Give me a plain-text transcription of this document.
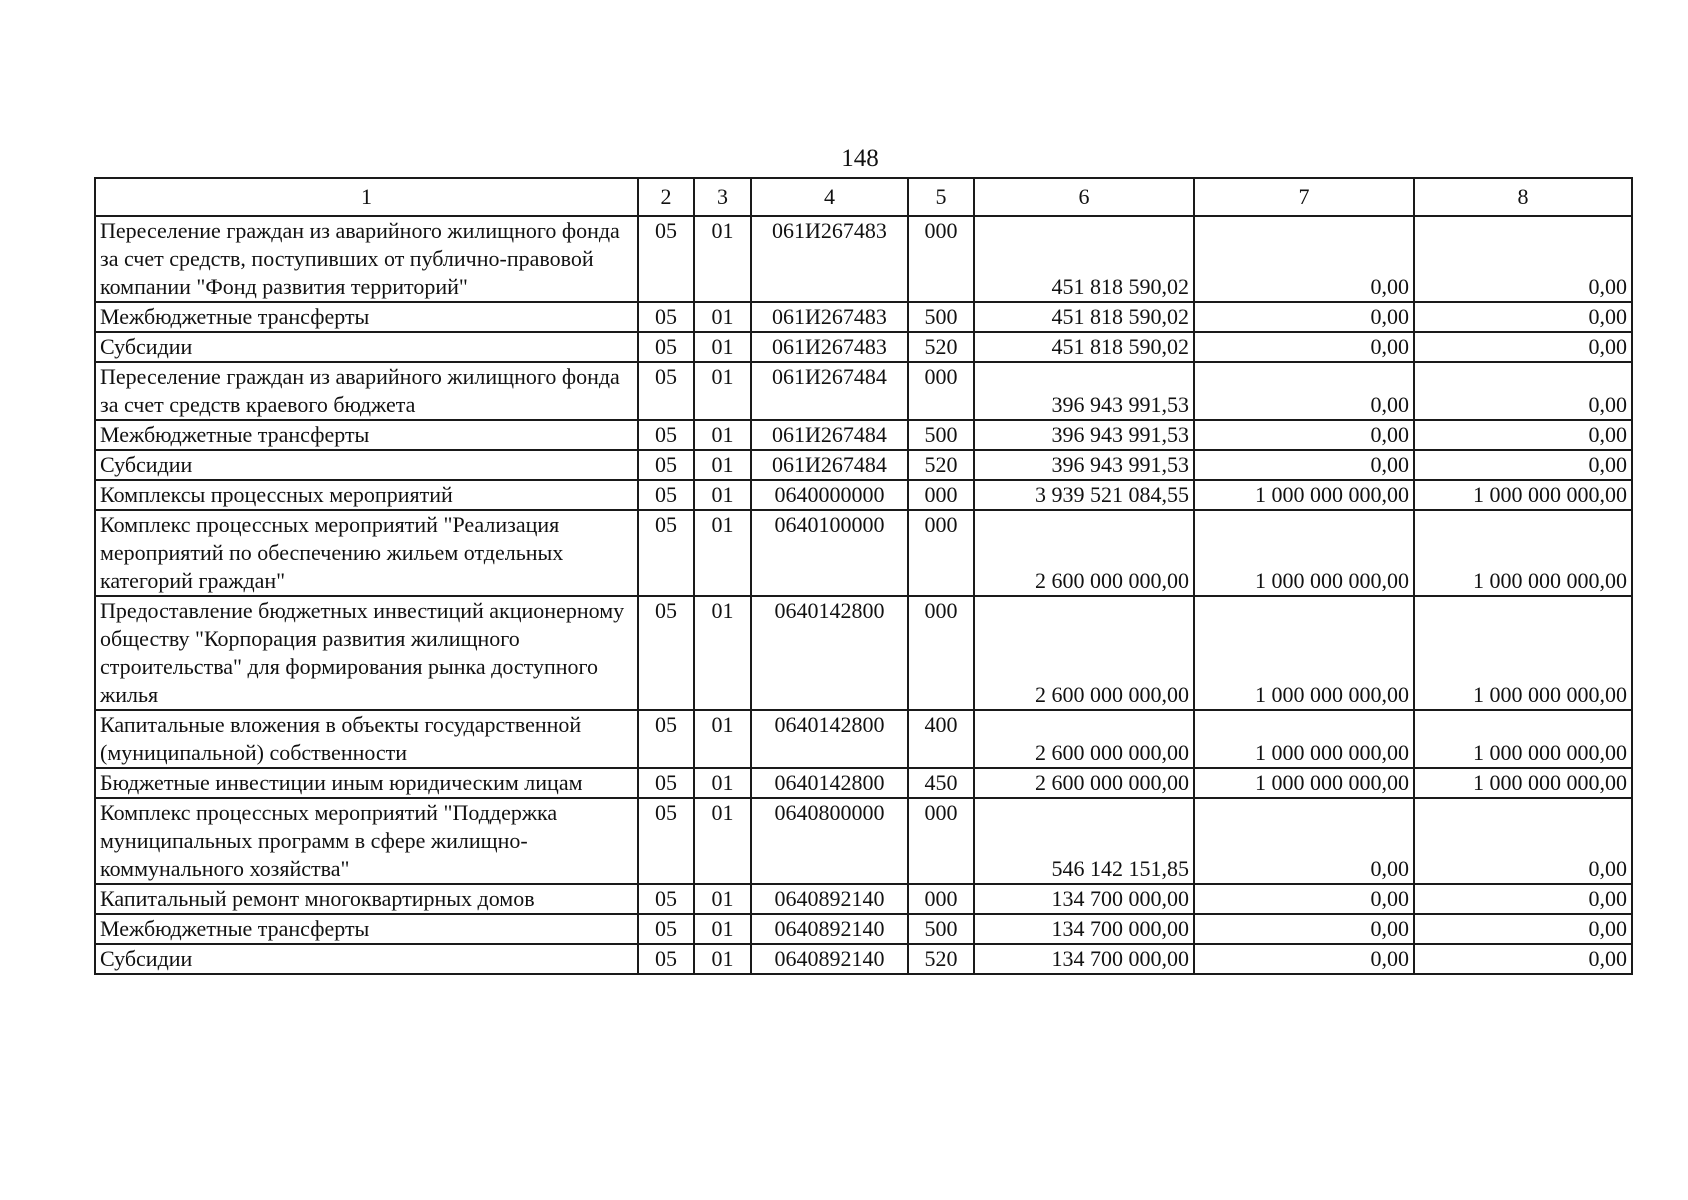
148
1	2	3	4	5	6	7	8
Переселение граждан из аварийного жилищного фонда за счет средств, поступивших от публично-правовой компании "Фонд развития территорий"	05	01	061И267483	000	451 818 590,02	0,00	0,00
Межбюджетные трансферты	05	01	061И267483	500	451 818 590,02	0,00	0,00
Субсидии	05	01	061И267483	520	451 818 590,02	0,00	0,00
Переселение граждан из аварийного жилищного фонда за счет средств краевого бюджета	05	01	061И267484	000	396 943 991,53	0,00	0,00
Межбюджетные трансферты	05	01	061И267484	500	396 943 991,53	0,00	0,00
Субсидии	05	01	061И267484	520	396 943 991,53	0,00	0,00
Комплексы процессных мероприятий	05	01	0640000000	000	3 939 521 084,55	1 000 000 000,00	1 000 000 000,00
Комплекс процессных мероприятий "Реализация мероприятий по обеспечению жильем отдельных категорий граждан"	05	01	0640100000	000	2 600 000 000,00	1 000 000 000,00	1 000 000 000,00
Предоставление бюджетных инвестиций акционерному обществу "Корпорация развития жилищного строительства" для формирования рынка доступного жилья	05	01	0640142800	000	2 600 000 000,00	1 000 000 000,00	1 000 000 000,00
Капитальные вложения в объекты государственной (муниципальной) собственности	05	01	0640142800	400	2 600 000 000,00	1 000 000 000,00	1 000 000 000,00
Бюджетные инвестиции иным юридическим лицам	05	01	0640142800	450	2 600 000 000,00	1 000 000 000,00	1 000 000 000,00
Комплекс процессных мероприятий "Поддержка муниципальных программ в сфере жилищно-коммунального хозяйства"	05	01	0640800000	000	546 142 151,85	0,00	0,00
Капитальный ремонт многоквартирных домов	05	01	0640892140	000	134 700 000,00	0,00	0,00
Межбюджетные трансферты	05	01	0640892140	500	134 700 000,00	0,00	0,00
Субсидии	05	01	0640892140	520	134 700 000,00	0,00	0,00
